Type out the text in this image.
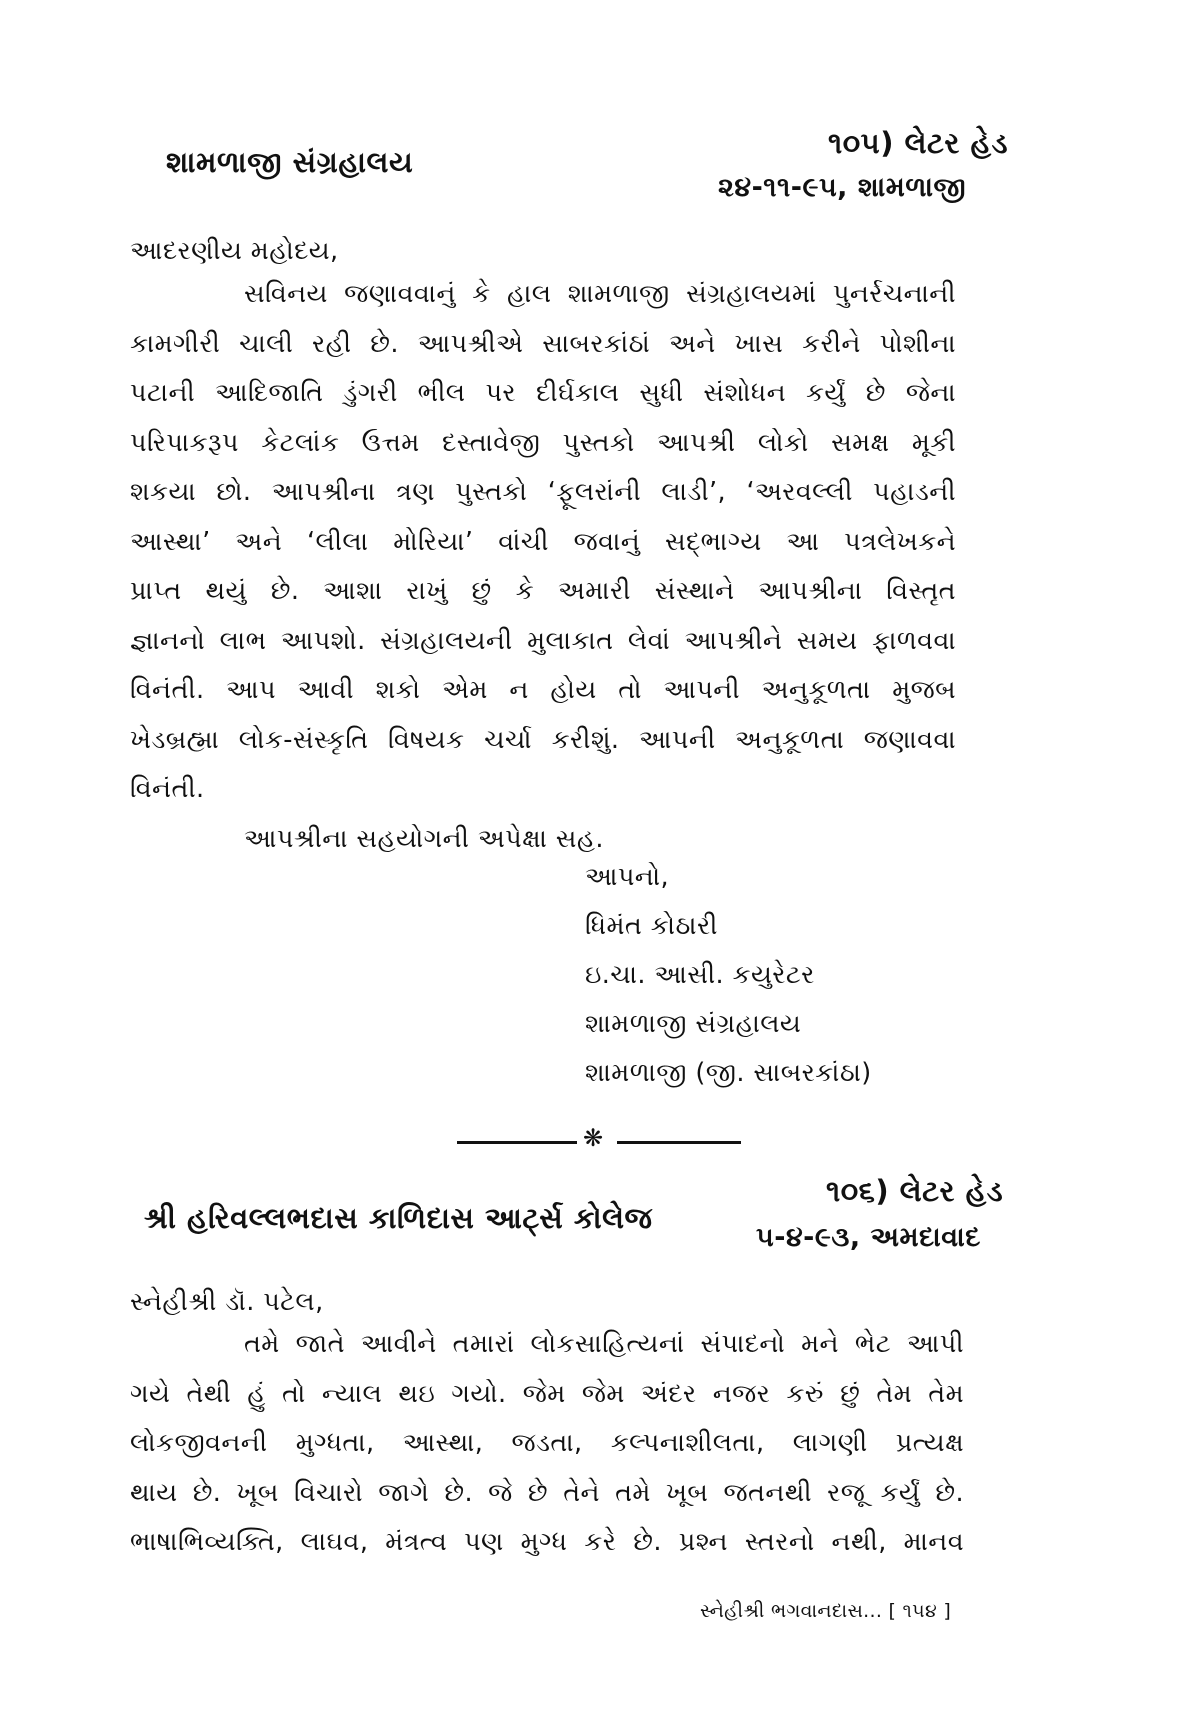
૧૦૫) લેટર હેડ
શામળાજી સંગ્રહાલય
૨૪-૧૧-૯૫, શામળાજી
આદરણીય મહોદય,
સવિનય જણાવવાનું કે હાલ શામળાજી સંગ્રહાલયમાં પુનર્રચનાની
કામગીરી ચાલી રહી છે. આપશ્રીએ સાબરકાંઠાં અને ખાસ કરીને પોશીના
પટાની આદિજાતિ ડુંગરી ભીલ પર દીર્ઘકાલ સુધી સંશોધન કર્યું છે જેના
પરિપાકરૂપ કેટલાંક ઉત્તમ દસ્તાવેજી પુસ્તકો આપશ્રી લોકો સમક્ષ મૂકી
શકયા છો. આપશ્રીના ત્રણ પુસ્તકો ‘ફૂલરાંની લાડી’, ‘અરવલ્લી પહાડની
આસ્થા’ અને ‘લીલા મોરિયા’ વાંચી જવાનું સદ્ભાગ્ય આ પત્રલેખકને
પ્રાપ્ત થયું છે. આશા રાખું છું કે અમારી સંસ્થાને આપશ્રીના વિસ્તૃત
જ્ઞાનનો લાભ આપશો. સંગ્રહાલયની મુલાકાત લેવાં આપશ્રીને સમય ફાળવવા
વિનંતી. આપ આવી શકો એમ ન હોય તો આપની અનુકૂળતા મુજબ
ખેડબ્રહ્મા લોક-સંસ્કૃતિ વિષયક ચર્ચા કરીશું. આપની અનુકૂળતા જણાવવા
વિનંતી.
આપશ્રીના સહયોગની અપેક્ષા સહ.
આપનો,
ધિમંત કોઠારી
ઇ.ચા. આસી. કયુરેટર
શામળાજી સંગ્રહાલય
શામળાજી (જી. સાબરકાંઠા)
❋
૧૦૬) લેટર હેડ
શ્રી હરિવલ્લભદાસ કાળિદાસ આર્ટ્સ કોલેજ
૫-૪-૯૩, અમદાવાદ
સ્નેહીશ્રી ડૉ. પટેલ,
તમે જાતે આવીને તમારાં લોકસાહિત્યનાં સંપાદનો મને ભેટ આપી
ગયે તેથી હું તો ન્યાલ થઇ ગયો. જેમ જેમ અંદર નજર કરું છું તેમ તેમ
લોકજીવનની મુગ્ધતા, આસ્થા, જડતા, કલ્પનાશીલતા, લાગણી પ્રત્યક્ષ
થાય છે. ખૂબ વિચારો જાગે છે. જે છે તેને તમે ખૂબ જતનથી રજૂ કર્યું છે.
ભાષાભિવ્યક્તિ, લાઘવ, મંત્રત્વ પણ મુગ્ધ કરે છે. પ્રશ્ન સ્તરનો નથી, માનવ
સ્નેહીશ્રી ભગવાનદાસ... [ ૧૫૪ ]
